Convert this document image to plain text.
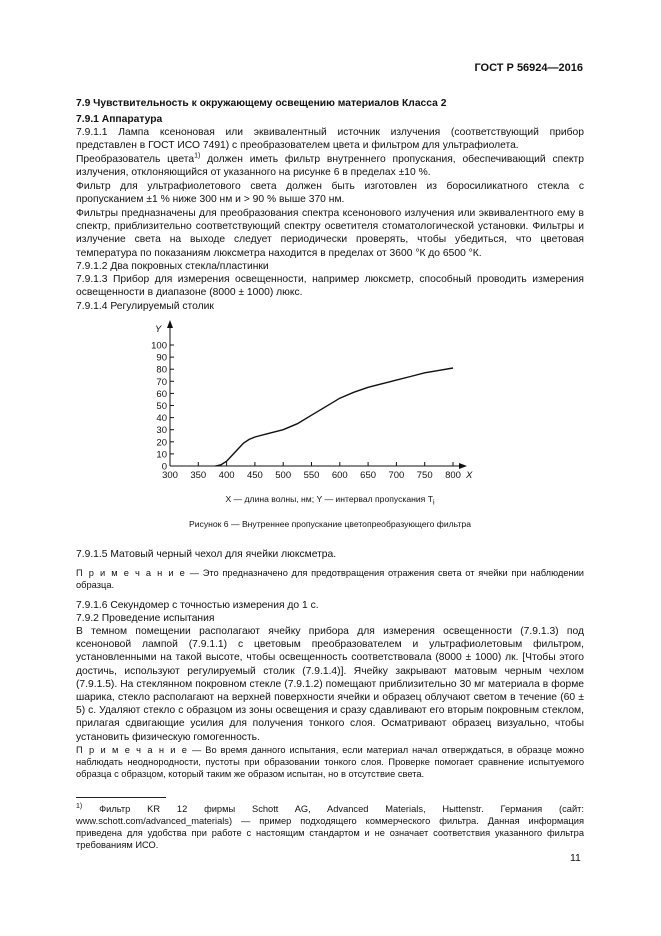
ГОСТ Р 56924—2016
7.9 Чувствительность к окружающему освещению материалов Класса 2
7.9.1 Аппаратура
7.9.1.1 Лампа ксеноновая или эквивалентный источник излучения (соответствующий прибор представлен в ГОСТ ИСО 7491) с преобразователем цвета и фильтром для ультрафиолета.
Преобразователь цвета$^{1)}$ должен иметь фильтр внутреннего пропускания, обеспечивающий спектр излучения, отклоняющийся от указанного на рисунке 6 в пределах ±10 %.
Фильтр для ультрафиолетового света должен быть изготовлен из боросиликатного стекла с пропусканием ±1 % ниже 300 нм и > 90 % выше 370 нм.
Фильтры предназначены для преобразования спектра ксенонового излучения или эквивалентного ему в спектр, приблизительно соответствующий спектру осветителя стоматологической установки. Фильтры и излучение света на выходе следует периодически проверять, чтобы убедиться, что цветовая температура по показаниям люксметра находится в пределах от 3600 °К до 6500 °К.
7.9.1.2 Два покровных стекла/пластинки
7.9.1.3 Прибор для измерения освещенности, например люксметр, способный проводить измерения освещенности в диапазоне (8000 ± 1000) люкс.
7.9.1.4 Регулируемый столик
X
Y
300 350 400 450 500 550 600 650 700 750 800
0
10
20
30
40
50
60
70
80
90
100
X — длина волны, нм; Y — интервал пропускания $T_i$
Рисунок 6 — Внутреннее пропускание цветопреобразующего фильтра
7.9.1.5 Матовый черный чехол для ячейки люксметра.
П р и м е ч а н и е — Это предназначено для предотвращения отражения света от ячейки при наблюдении образца.
7.9.1.6 Секундомер с точностью измерения до 1 с.
7.9.2 Проведение испытания
В темном помещении располагают ячейку прибора для измерения освещенности (7.9.1.3) под ксеноновой лампой (7.9.1.1) с цветовым преобразователем и ультрафиолетовым фильтром, установленными на такой высоте, чтобы освещенность соответствовала (8000 ± 1000) лк. [Чтобы этого достичь, используют регулируемый столик (7.9.1.4)]. Ячейку закрывают матовым черным чехлом (7.9.1.5). На стеклянном покровном стекле (7.9.1.2) помещают приблизительно 30 мг материала в форме шарика, стекло располагают на верхней поверхности ячейки и образец облучают светом в течение (60 ± 5) с. Удаляют стекло с образцом из зоны освещения и сразу сдавливают его вторым покровным стеклом, прилагая сдвигающие усилия для получения тонкого слоя. Осматривают образец визуально, чтобы установить физическую гомогенность.
П р и м е ч а н и е — Во время данного испытания, если материал начал отверждаться, в образце можно наблюдать неоднородности, пустоты при образовании тонкого слоя. Проверке помогает сравнение испытуемого образца с образцом, который таким же образом испытан, но в отсутствие света.
$^{1)}$ Фильтр KR 12 фирмы Schott AG, Advanced Materials, Hыttenstr. Германия (сайт: www.schott.com/advanced_materials) — пример подходящего коммерческого фильтра. Данная информация приведена для удобства при работе с настоящим стандартом и не означает соответствия указанного фильтра требованиям ИСО.
11
